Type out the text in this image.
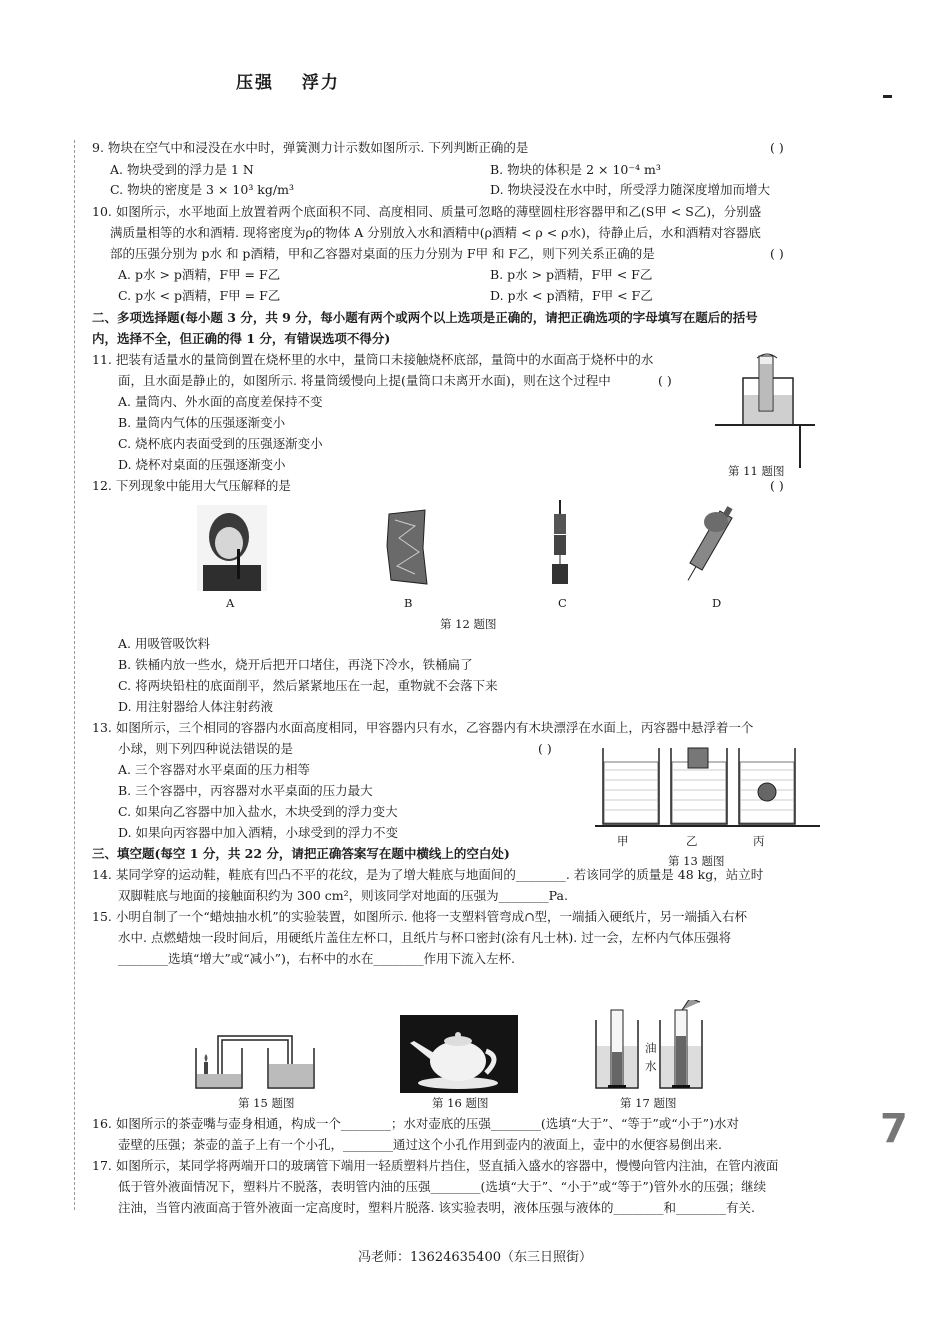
压强 浮力
9. 物块在空气中和浸没在水中时，弹簧测力计示数如图所示. 下列判断正确的是	( )
A. 物块受到的浮力是 1 N	B. 物块的体积是 2 × 10⁻⁴ m³
C. 物块的密度是 3 × 10³ kg/m³	D. 物块浸没在水中时，所受浮力随深度增加而增大
10. 如图所示，水平地面上放置着两个底面积不同、高度相同、质量可忽略的薄壁圆柱形容器甲和乙(S甲 < S乙)，分别盛
满质量相等的水和酒精. 现将密度为ρ的物体 A 分别放入水和酒精中(ρ酒精 < ρ < ρ水)，待静止后，水和酒精对容器底
部的压强分别为 p水 和 p酒精，甲和乙容器对桌面的压力分别为 F甲 和 F乙，则下列关系正确的是	( )
A. p水 > p酒精，F甲 = F乙	B. p水 > p酒精，F甲 < F乙
C. p水 < p酒精，F甲 = F乙	D. p水 < p酒精，F甲 < F乙
二、多项选择题(每小题 3 分，共 9 分，每小题有两个或两个以上选项是正确的，请把正确选项的字母填写在题后的括号
内，选择不全，但正确的得 1 分，有错误选项不得分)
11. 把装有适量水的量筒倒置在烧杯里的水中，量筒口未接触烧杯底部，量筒中的水面高于烧杯中的水
面，且水面是静止的，如图所示. 将量筒缓慢向上提(量筒口未离开水面)，则在这个过程中	( )
A. 量筒内、外水面的高度差保持不变
B. 量筒内气体的压强逐渐变小
C. 烧杯底内表面受到的压强逐渐变小
D. 烧杯对桌面的压强逐渐变小	第 11 题图
12. 下列现象中能用大气压解释的是	( )
A	B	C	D
第 12 题图
A. 用吸管吸饮料
B. 铁桶内放一些水，烧开后把开口堵住，再浇下冷水，铁桶扁了
C. 将两块铅柱的底面削平，然后紧紧地压在一起，重物就不会落下来
D. 用注射器给人体注射药液
13. 如图所示，三个相同的容器内水面高度相同，甲容器内只有水，乙容器内有木块漂浮在水面上，丙容器中悬浮着一个
小球，则下列四种说法错误的是	( )
A. 三个容器对水平桌面的压力相等
B. 三个容器中，丙容器对水平桌面的压力最大
C. 如果向乙容器中加入盐水，木块受到的浮力变大
D. 如果向丙容器中加入酒精，小球受到的浮力不变
甲	乙	丙
第 13 题图
三、填空题(每空 1 分，共 22 分，请把正确答案写在题中横线上的空白处)
14. 某同学穿的运动鞋，鞋底有凹凸不平的花纹，是为了增大鞋底与地面间的________. 若该同学的质量是 48 kg，站立时
双脚鞋底与地面的接触面积约为 300 cm²，则该同学对地面的压强为________Pa.
15. 小明自制了一个“蜡烛抽水机”的实验装置，如图所示. 他将一支塑料管弯成∩型，一端插入硬纸片，另一端插入右杯
水中. 点燃蜡烛一段时间后，用硬纸片盖住左杯口，且纸片与杯口密封(涂有凡士林). 过一会，左杯内气体压强将
________选填“增大”或“减小”)，右杯中的水在________作用下流入左杯.
第 15 题图	第 16 题图
油
水
第 17 题图
16. 如图所示的茶壶嘴与壶身相通，构成一个________；水对壶底的压强________(选填“大于”、“等于”或“小于”)水对
壶壁的压强；茶壶的盖子上有一个小孔，________通过这个小孔作用到壶内的液面上，壶中的水便容易倒出来.
17. 如图所示，某同学将两端开口的玻璃管下端用一轻质塑料片挡住，竖直插入盛水的容器中，慢慢向管内注油，在管内液面
低于管外液面情况下，塑料片不脱落，表明管内油的压强________(选填“大于”、“小于”或“等于”)管外水的压强；继续
注油，当管内液面高于管外液面一定高度时，塑料片脱落. 该实验表明，液体压强与液体的________和________有关.
7
冯老师：13624635400（东三日照街）
